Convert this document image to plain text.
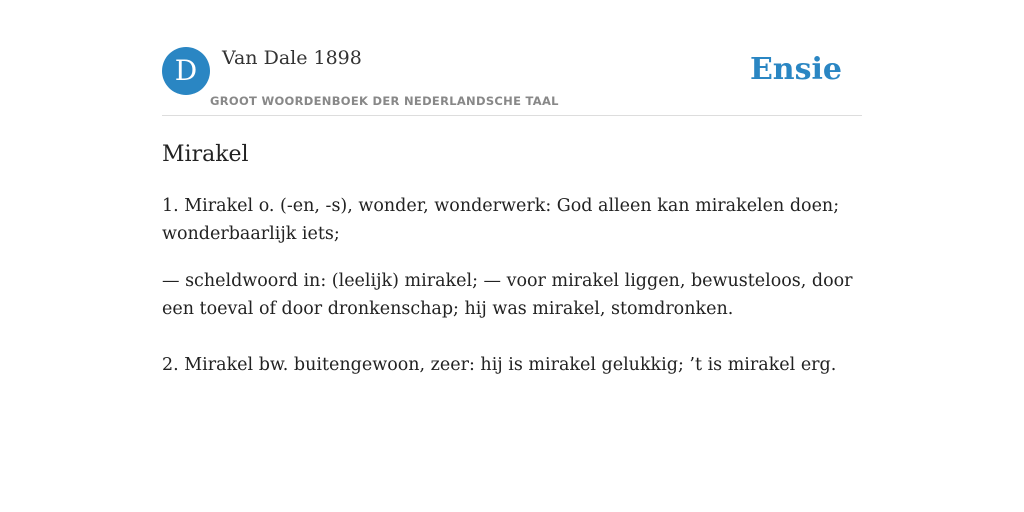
D	Van Dale 1898
GROOT WOORDENBOEK DER NEDERLANDSCHE TAAL
Ensie
Mirakel

1. Mirakel o. (-en, -s), wonder, wonderwerk: God alleen kan mirakelen doen; wonderbaarlijk iets;

— scheldwoord in: (leelijk) mirakel; — voor mirakel liggen, bewusteloos, door een toeval of door dronkenschap; hij was mirakel, stomdronken.

2. Mirakel bw. buitengewoon, zeer: hij is mirakel gelukkig; ’t is mirakel erg.
